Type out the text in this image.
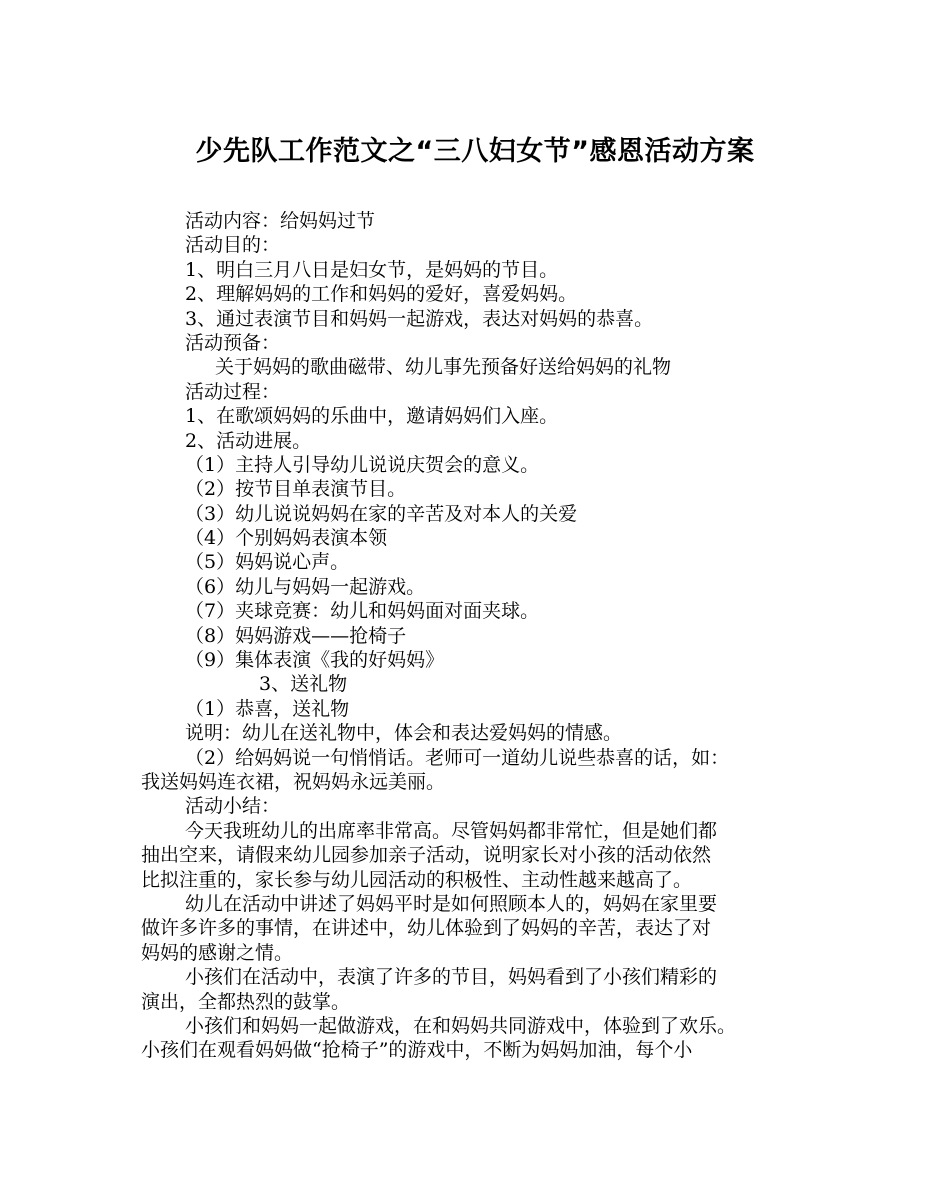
少先队工作范文之“三八妇女节”感恩活动方案
活动内容：给妈妈过节
活动目的：
1、明白三月八日是妇女节，是妈妈的节目。
2、理解妈妈的工作和妈妈的爱好，喜爱妈妈。
3、通过表演节目和妈妈一起游戏，表达对妈妈的恭喜。
活动预备：
关于妈妈的歌曲磁带、幼儿事先预备好送给妈妈的礼物
活动过程：
1、在歌颂妈妈的乐曲中，邀请妈妈们入座。
2、活动进展。
（1）主持人引导幼儿说说庆贺会的意义。
（2）按节目单表演节目。
（3）幼儿说说妈妈在家的辛苦及对本人的关爱
（4）个别妈妈表演本领
（5）妈妈说心声。
（6）幼儿与妈妈一起游戏。
（7）夹球竞赛：幼儿和妈妈面对面夹球。
（8）妈妈游戏——抢椅子
（9）集体表演《我的好妈妈》
3、送礼物
（1）恭喜，送礼物
说明：幼儿在送礼物中，体会和表达爱妈妈的情感。
（2）给妈妈说一句悄悄话。老师可一道幼儿说些恭喜的话，如：
我送妈妈连衣裙，祝妈妈永远美丽。
活动小结：
今天我班幼儿的出席率非常高。尽管妈妈都非常忙，但是她们都
抽出空来，请假来幼儿园参加亲子活动，说明家长对小孩的活动依然
比拟注重的，家长参与幼儿园活动的积极性、主动性越来越高了。
幼儿在活动中讲述了妈妈平时是如何照顾本人的，妈妈在家里要
做许多许多的事情，在讲述中，幼儿体验到了妈妈的辛苦，表达了对
妈妈的感谢之情。
小孩们在活动中，表演了许多的节目，妈妈看到了小孩们精彩的
演出，全都热烈的鼓掌。
小孩们和妈妈一起做游戏，在和妈妈共同游戏中，体验到了欢乐。
小孩们在观看妈妈做“抢椅子”的游戏中，不断为妈妈加油，每个小
